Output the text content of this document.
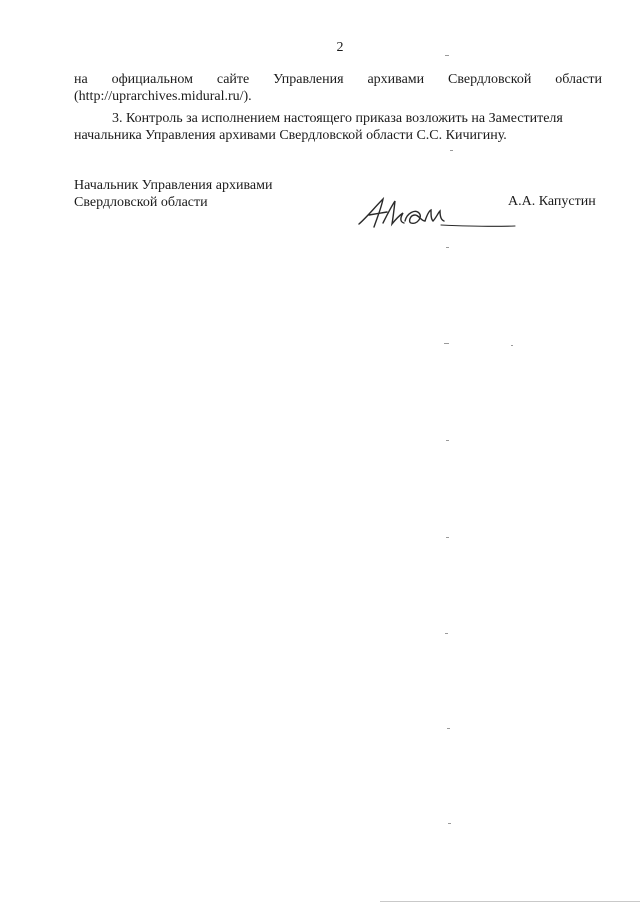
2
на официальном сайте Управления архивами Свердловской области
(http://uprarchives.midural.ru/).
3. Контроль за исполнением настоящего приказа возложить на Заместителя
начальника Управления архивами Свердловской области С.С. Кичигину.
Начальник Управления архивами
Свердловской области	А.А. Капустин
